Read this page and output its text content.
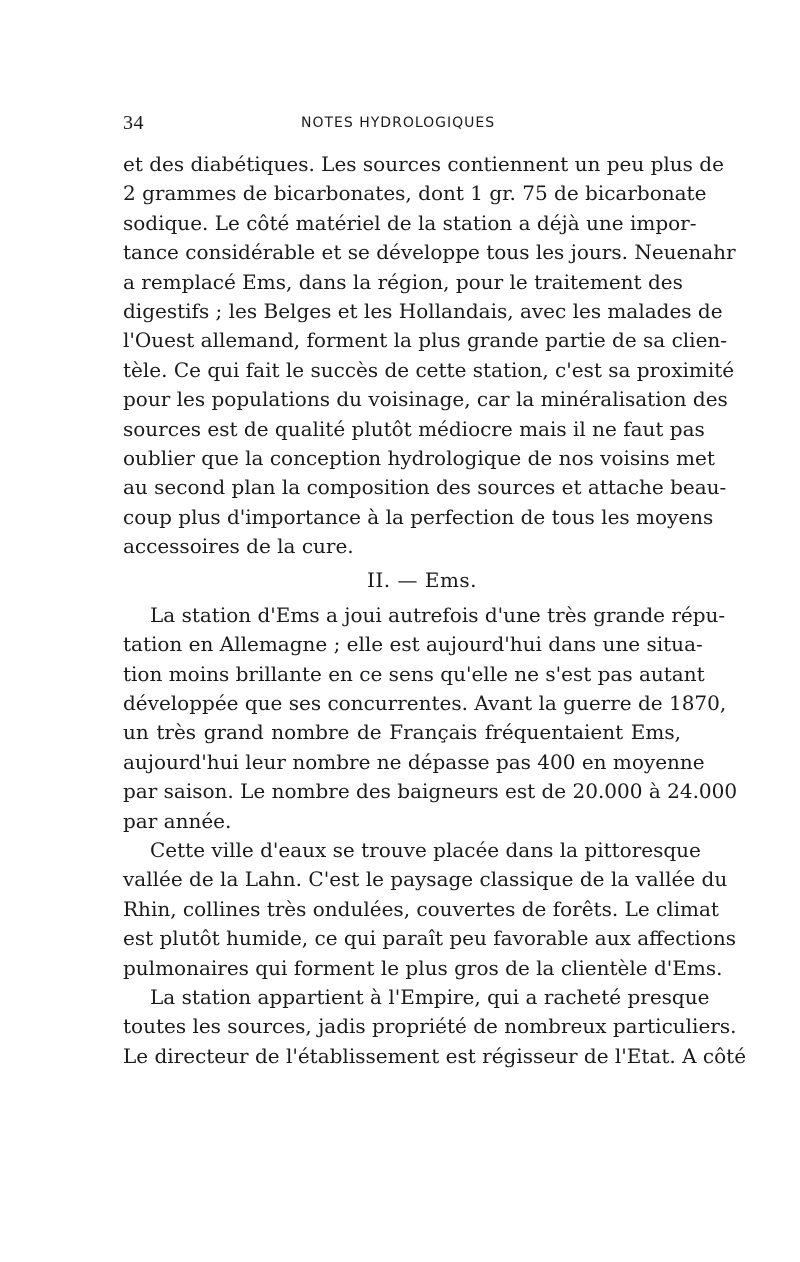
34	NOTES HYDROLOGIQUES
et des diabétiques. Les sources contiennent un peu plus de
2 grammes de bicarbonates, dont 1 gr. 75 de bicarbonate
sodique. Le côté matériel de la station a déjà une impor-
tance considérable et se développe tous les jours. Neuenahr
a remplacé Ems, dans la région, pour le traitement des
digestifs ; les Belges et les Hollandais, avec les malades de
l'Ouest allemand, forment la plus grande partie de sa clien-
tèle. Ce qui fait le succès de cette station, c'est sa proximité
pour les populations du voisinage, car la minéralisation des
sources est de qualité plutôt médiocre mais il ne faut pas
oublier que la conception hydrologique de nos voisins met
au second plan la composition des sources et attache beau-
coup plus d'importance à la perfection de tous les moyens
accessoires de la cure.
II. — Ems.
La station d'Ems a joui autrefois d'une très grande répu-
tation en Allemagne ; elle est aujourd'hui dans une situa-
tion moins brillante en ce sens qu'elle ne s'est pas autant
développée que ses concurrentes. Avant la guerre de 1870,
un très grand nombre de Français fréquentaient Ems,
aujourd'hui leur nombre ne dépasse pas 400 en moyenne
par saison. Le nombre des baigneurs est de 20.000 à 24.000
par année.
Cette ville d'eaux se trouve placée dans la pittoresque
vallée de la Lahn. C'est le paysage classique de la vallée du
Rhin, collines très ondulées, couvertes de forêts. Le climat
est plutôt humide, ce qui paraît peu favorable aux affections
pulmonaires qui forment le plus gros de la clientèle d'Ems.
La station appartient à l'Empire, qui a racheté presque
toutes les sources, jadis propriété de nombreux particuliers.
Le directeur de l'établissement est régisseur de l'Etat. A côté
